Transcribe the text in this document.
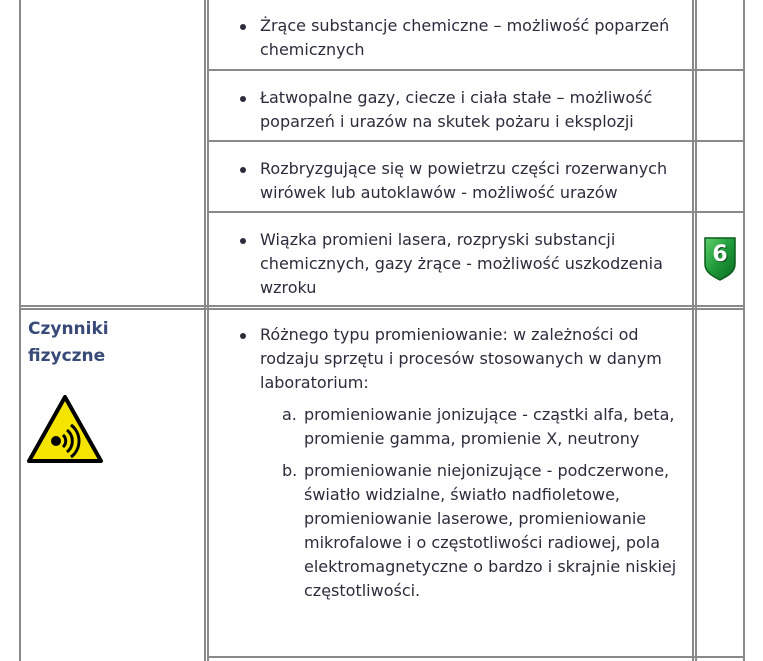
Żrące substancje chemiczne – możliwość poparzeń chemicznych
Łatwopalne gazy, ciecze i ciała stałe – możliwość poparzeń i urazów na skutek pożaru i eksplozji
Rozbryzgujące się w powietrzu części rozerwanych wirówek lub autoklawów - możliwość urazów
Wiązka promieni lasera, rozpryski substancji chemicznych, gazy żrące - możliwość uszkodzenia wzroku
6
Czynniki
fizyczne
Różnego typu promieniowanie: w zależności od rodzaju sprzętu i procesów stosowanych w danym laboratorium:
a. promieniowanie jonizujące - cząstki alfa, beta, promienie gamma, promienie X, neutrony
b. promieniowanie niejonizujące - podczerwone, światło widzialne, światło nadfioletowe, promieniowanie laserowe, promieniowanie mikrofalowe i o częstotliwości radiowej, pola elektromagnetyczne o bardzo i skrajnie niskiej częstotliwości.
